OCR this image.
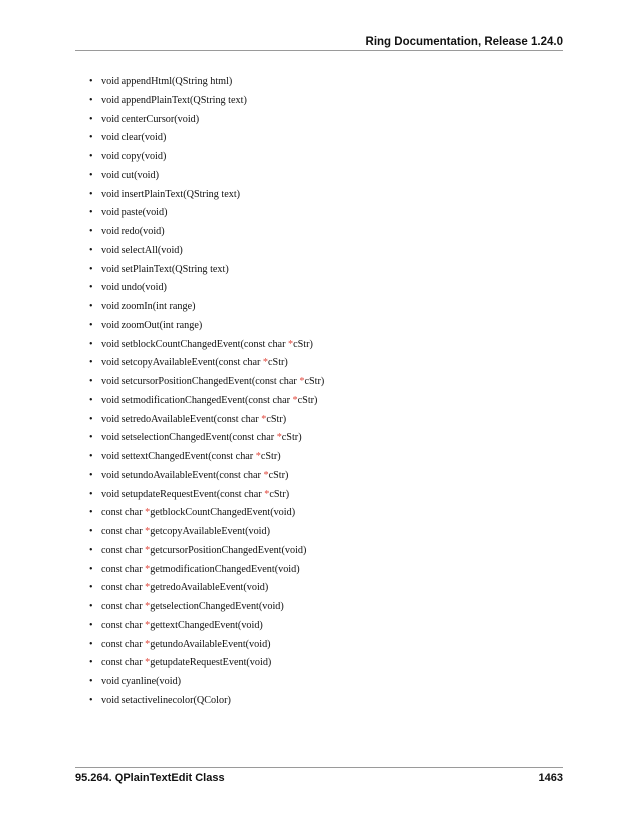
Ring Documentation, Release 1.24.0
• void appendHtml(QString html)
• void appendPlainText(QString text)
• void centerCursor(void)
• void clear(void)
• void copy(void)
• void cut(void)
• void insertPlainText(QString text)
• void paste(void)
• void redo(void)
• void selectAll(void)
• void setPlainText(QString text)
• void undo(void)
• void zoomIn(int range)
• void zoomOut(int range)
• void setblockCountChangedEvent(const char *cStr)
• void setcopyAvailableEvent(const char *cStr)
• void setcursorPositionChangedEvent(const char *cStr)
• void setmodificationChangedEvent(const char *cStr)
• void setredoAvailableEvent(const char *cStr)
• void setselectionChangedEvent(const char *cStr)
• void settextChangedEvent(const char *cStr)
• void setundoAvailableEvent(const char *cStr)
• void setupdateRequestEvent(const char *cStr)
• const char *getblockCountChangedEvent(void)
• const char *getcopyAvailableEvent(void)
• const char *getcursorPositionChangedEvent(void)
• const char *getmodificationChangedEvent(void)
• const char *getredoAvailableEvent(void)
• const char *getselectionChangedEvent(void)
• const char *gettextChangedEvent(void)
• const char *getundoAvailableEvent(void)
• const char *getupdateRequestEvent(void)
• void cyanline(void)
• void setactivelinecolor(QColor)
95.264. QPlainTextEdit Class	1463
